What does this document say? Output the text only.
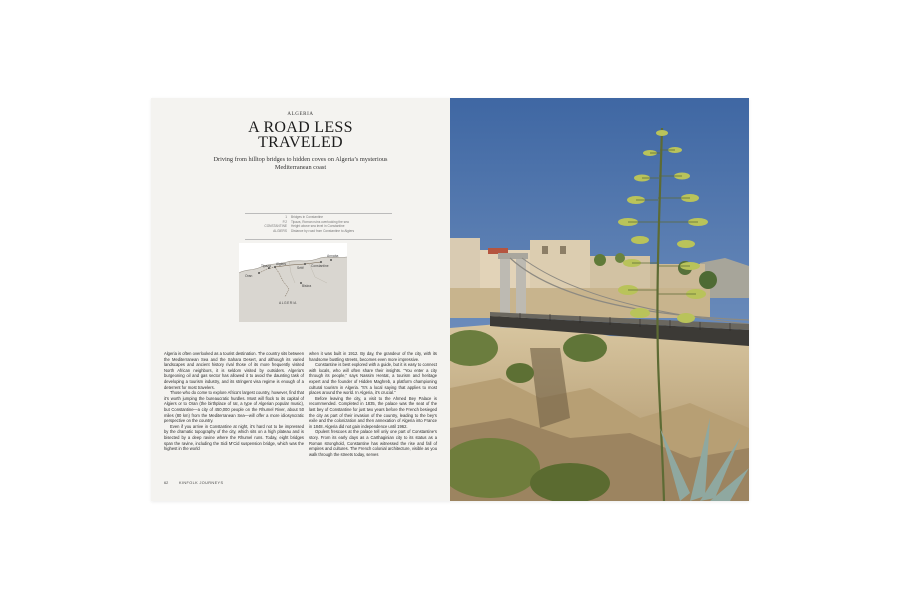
ALGERIA
A ROAD LESS
TRAVELED
Driving from hilltop bridges to hidden coves on Algeria’s mysterious Mediterranean coast
1	Bridges in Constantine
P.2	Tipaza, Roman ruins overlooking the sea
CONSTANTINE	Height above sea level in Constantine
ALGIERS	Distance by road from Constantine to Algiers
Oran
Algiers
Tipaza	Constantine
Annaba
Sétif
Biskra
ALGERIA

Algeria is often overlooked as a tourist destination. The country sits between the Mediterranean Sea and the Sahara Desert, and although its varied landscapes and ancient history rival those of its more frequently visited North African neighbors, it is seldom visited by outsiders. Algeria’s burgeoning oil and gas sector has allowed it to avoid the daunting task of developing a tourism industry, and its stringent visa regime is enough of a deterrent for most travelers.

Those who do come to explore Africa’s largest country, however, find that it’s worth jumping the bureaucratic hurdles. Most will flock to its capital of Algiers or to Oran (the birthplace of raï, a type of Algerian popular music), but Constantine—a city of 450,000 people on the Rhumel River, about 50 miles (80 km) from the Mediterranean Sea—will offer a more idiosyncratic perspective on the country.

Even if you arrive in Constantine at night, it’s hard not to be impressed by the dramatic topography of the city, which sits on a high plateau and is bisected by a deep ravine where the Rhumel runs. Today, eight bridges span the ravine, including the Sidi M’Cid suspension bridge, which was the highest in the world

when it was built in 1912. By day, the grandeur of the city, with its handsome bustling streets, becomes even more impressive.

Constantine is best explored with a guide, but it is easy to connect with locals, who will often share their insights. “You enter a city through its people,” says Nassim Hentat, a tourism and heritage expert and the founder of Hidden Maghreb, a platform championing cultural tourism in Algeria. “It’s a local saying that applies to most places around the world. In Algeria, it’s crucial.”

Before leaving the city, a visit to the Ahmed Bey Palace is recommended. Completed in 1835, the palace was the seat of the last bey of Constantine for just two years before the French besieged the city as part of their invasion of the country, leading to the bey’s exile and the colonization and then annexation of Algeria into France in 1848. Algeria did not gain independence until 1962.

Opulent frescoes at the palace tell only one part of Constantine’s story. From its early days as a Carthaginian city to its status as a Roman stronghold, Constantine has witnessed the rise and fall of empires and cultures. The French colonial architecture, visible as you walk through the streets today, serves

62	KINFOLK JOURNEYS
